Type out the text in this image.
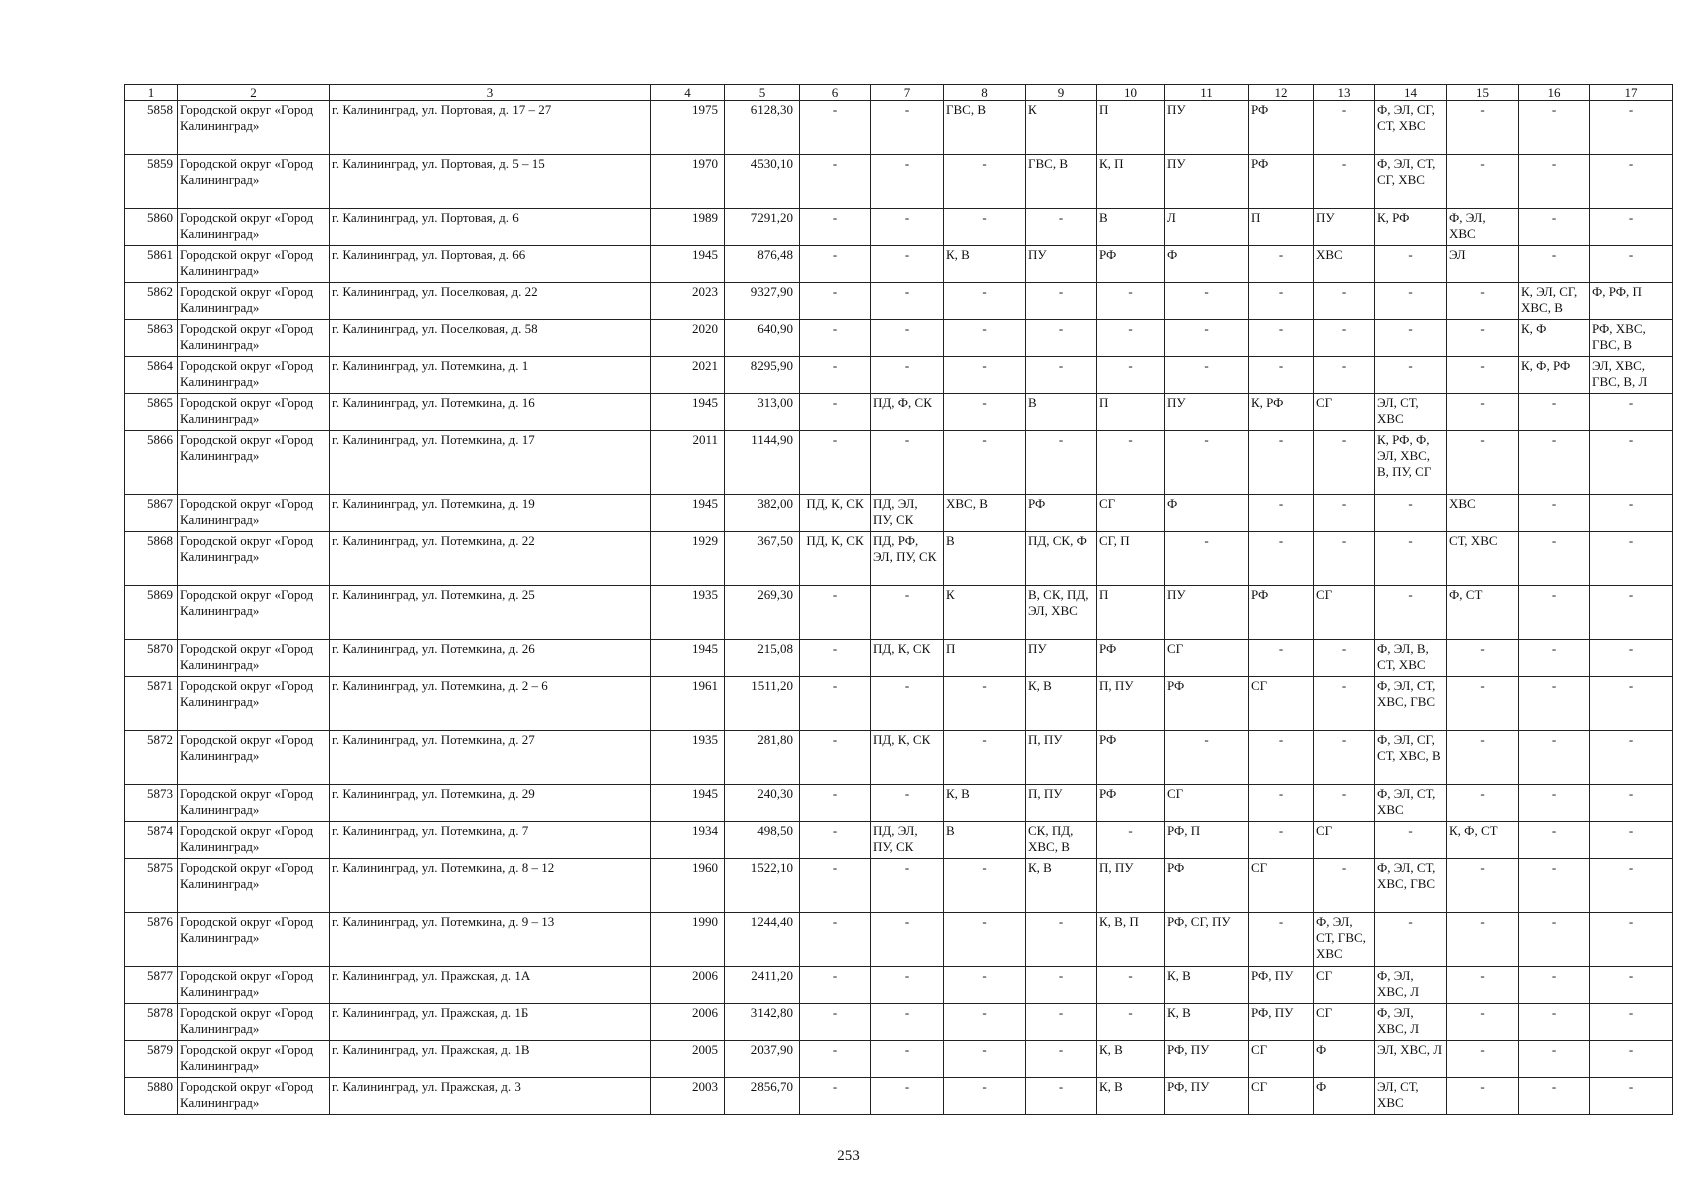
1	2	3	4	5	6	7	8	9	10	11	12	13	14	15	16	17
5858	Городской округ «Город Калининград»	г. Калининград, ул. Портовая, д. 17 – 27	1975	6128,30	-	-	ГВС, В	К	П	ПУ	РФ	-	Ф, ЭЛ, СГ, СТ, ХВС	-	-	-
5859	Городской округ «Город Калининград»	г. Калининград, ул. Портовая, д. 5 – 15	1970	4530,10	-	-	-	ГВС, В	К, П	ПУ	РФ	-	Ф, ЭЛ, СТ, СГ, ХВС	-	-	-
5860	Городской округ «Город Калининград»	г. Калининград, ул. Портовая, д. 6	1989	7291,20	-	-	-	-	В	Л	П	ПУ	К, РФ	Ф, ЭЛ, ХВС	-	-
5861	Городской округ «Город Калининград»	г. Калининград, ул. Портовая, д. 66	1945	876,48	-	-	К, В	ПУ	РФ	Ф	-	ХВС	-	ЭЛ	-	-
5862	Городской округ «Город Калининград»	г. Калининград, ул. Поселковая, д. 22	2023	9327,90	-	-	-	-	-	-	-	-	-	-	К, ЭЛ, СГ, ХВС, В	Ф, РФ, П
5863	Городской округ «Город Калининград»	г. Калининград, ул. Поселковая, д. 58	2020	640,90	-	-	-	-	-	-	-	-	-	-	К, Ф	РФ, ХВС, ГВС, В
5864	Городской округ «Город Калининград»	г. Калининград, ул. Потемкина, д. 1	2021	8295,90	-	-	-	-	-	-	-	-	-	-	К, Ф, РФ	ЭЛ, ХВС, ГВС, В, Л
5865	Городской округ «Город Калининград»	г. Калининград, ул. Потемкина, д. 16	1945	313,00	-	ПД, Ф, СК	-	В	П	ПУ	К, РФ	СГ	ЭЛ, СТ, ХВС	-	-	-
5866	Городской округ «Город Калининград»	г. Калининград, ул. Потемкина, д. 17	2011	1144,90	-	-	-	-	-	-	-	-	К, РФ, Ф, ЭЛ, ХВС, В, ПУ, СГ	-	-	-
5867	Городской округ «Город Калининград»	г. Калининград, ул. Потемкина, д. 19	1945	382,00	ПД, К, СК	ПД, ЭЛ, ПУ, СК	ХВС, В	РФ	СГ	Ф	-	-	-	ХВС	-	-
5868	Городской округ «Город Калининград»	г. Калининград, ул. Потемкина, д. 22	1929	367,50	ПД, К, СК	ПД, РФ, ЭЛ, ПУ, СК	В	ПД, СК, Ф	СГ, П	-	-	-	-	СТ, ХВС	-	-
5869	Городской округ «Город Калининград»	г. Калининград, ул. Потемкина, д. 25	1935	269,30	-	-	К	В, СК, ПД, ЭЛ, ХВС	П	ПУ	РФ	СГ	-	Ф, СТ	-	-
5870	Городской округ «Город Калининград»	г. Калининград, ул. Потемкина, д. 26	1945	215,08	-	ПД, К, СК	П	ПУ	РФ	СГ	-	-	Ф, ЭЛ, В, СТ, ХВС	-	-	-
5871	Городской округ «Город Калининград»	г. Калининград, ул. Потемкина, д. 2 – 6	1961	1511,20	-	-	-	К, В	П, ПУ	РФ	СГ	-	Ф, ЭЛ, СТ, ХВС, ГВС	-	-	-
5872	Городской округ «Город Калининград»	г. Калининград, ул. Потемкина, д. 27	1935	281,80	-	ПД, К, СК	-	П, ПУ	РФ	-	-	-	Ф, ЭЛ, СГ, СТ, ХВС, В	-	-	-
5873	Городской округ «Город Калининград»	г. Калининград, ул. Потемкина, д. 29	1945	240,30	-	-	К, В	П, ПУ	РФ	СГ	-	-	Ф, ЭЛ, СТ, ХВС	-	-	-
5874	Городской округ «Город Калининград»	г. Калининград, ул. Потемкина, д. 7	1934	498,50	-	ПД, ЭЛ, ПУ, СК	В	СК, ПД, ХВС, В	-	РФ, П	-	СГ	-	К, Ф, СТ	-	-
5875	Городской округ «Город Калининград»	г. Калининград, ул. Потемкина, д. 8 – 12	1960	1522,10	-	-	-	К, В	П, ПУ	РФ	СГ	-	Ф, ЭЛ, СТ, ХВС, ГВС	-	-	-
5876	Городской округ «Город Калининград»	г. Калининград, ул. Потемкина, д. 9 – 13	1990	1244,40	-	-	-	-	К, В, П	РФ, СГ, ПУ	-	Ф, ЭЛ, СТ, ГВС, ХВС	-	-	-	-
5877	Городской округ «Город Калининград»	г. Калининград, ул. Пражская, д. 1А	2006	2411,20	-	-	-	-	-	К, В	РФ, ПУ	СГ	Ф, ЭЛ, ХВС, Л	-	-	-
5878	Городской округ «Город Калининград»	г. Калининград, ул. Пражская, д. 1Б	2006	3142,80	-	-	-	-	-	К, В	РФ, ПУ	СГ	Ф, ЭЛ, ХВС, Л	-	-	-
5879	Городской округ «Город Калининград»	г. Калининград, ул. Пражская, д. 1В	2005	2037,90	-	-	-	-	К, В	РФ, ПУ	СГ	Ф	ЭЛ, ХВС, Л	-	-	-
5880	Городской округ «Город Калининград»	г. Калининград, ул. Пражская, д. 3	2003	2856,70	-	-	-	-	К, В	РФ, ПУ	СГ	Ф	ЭЛ, СТ, ХВС	-	-	-
253
